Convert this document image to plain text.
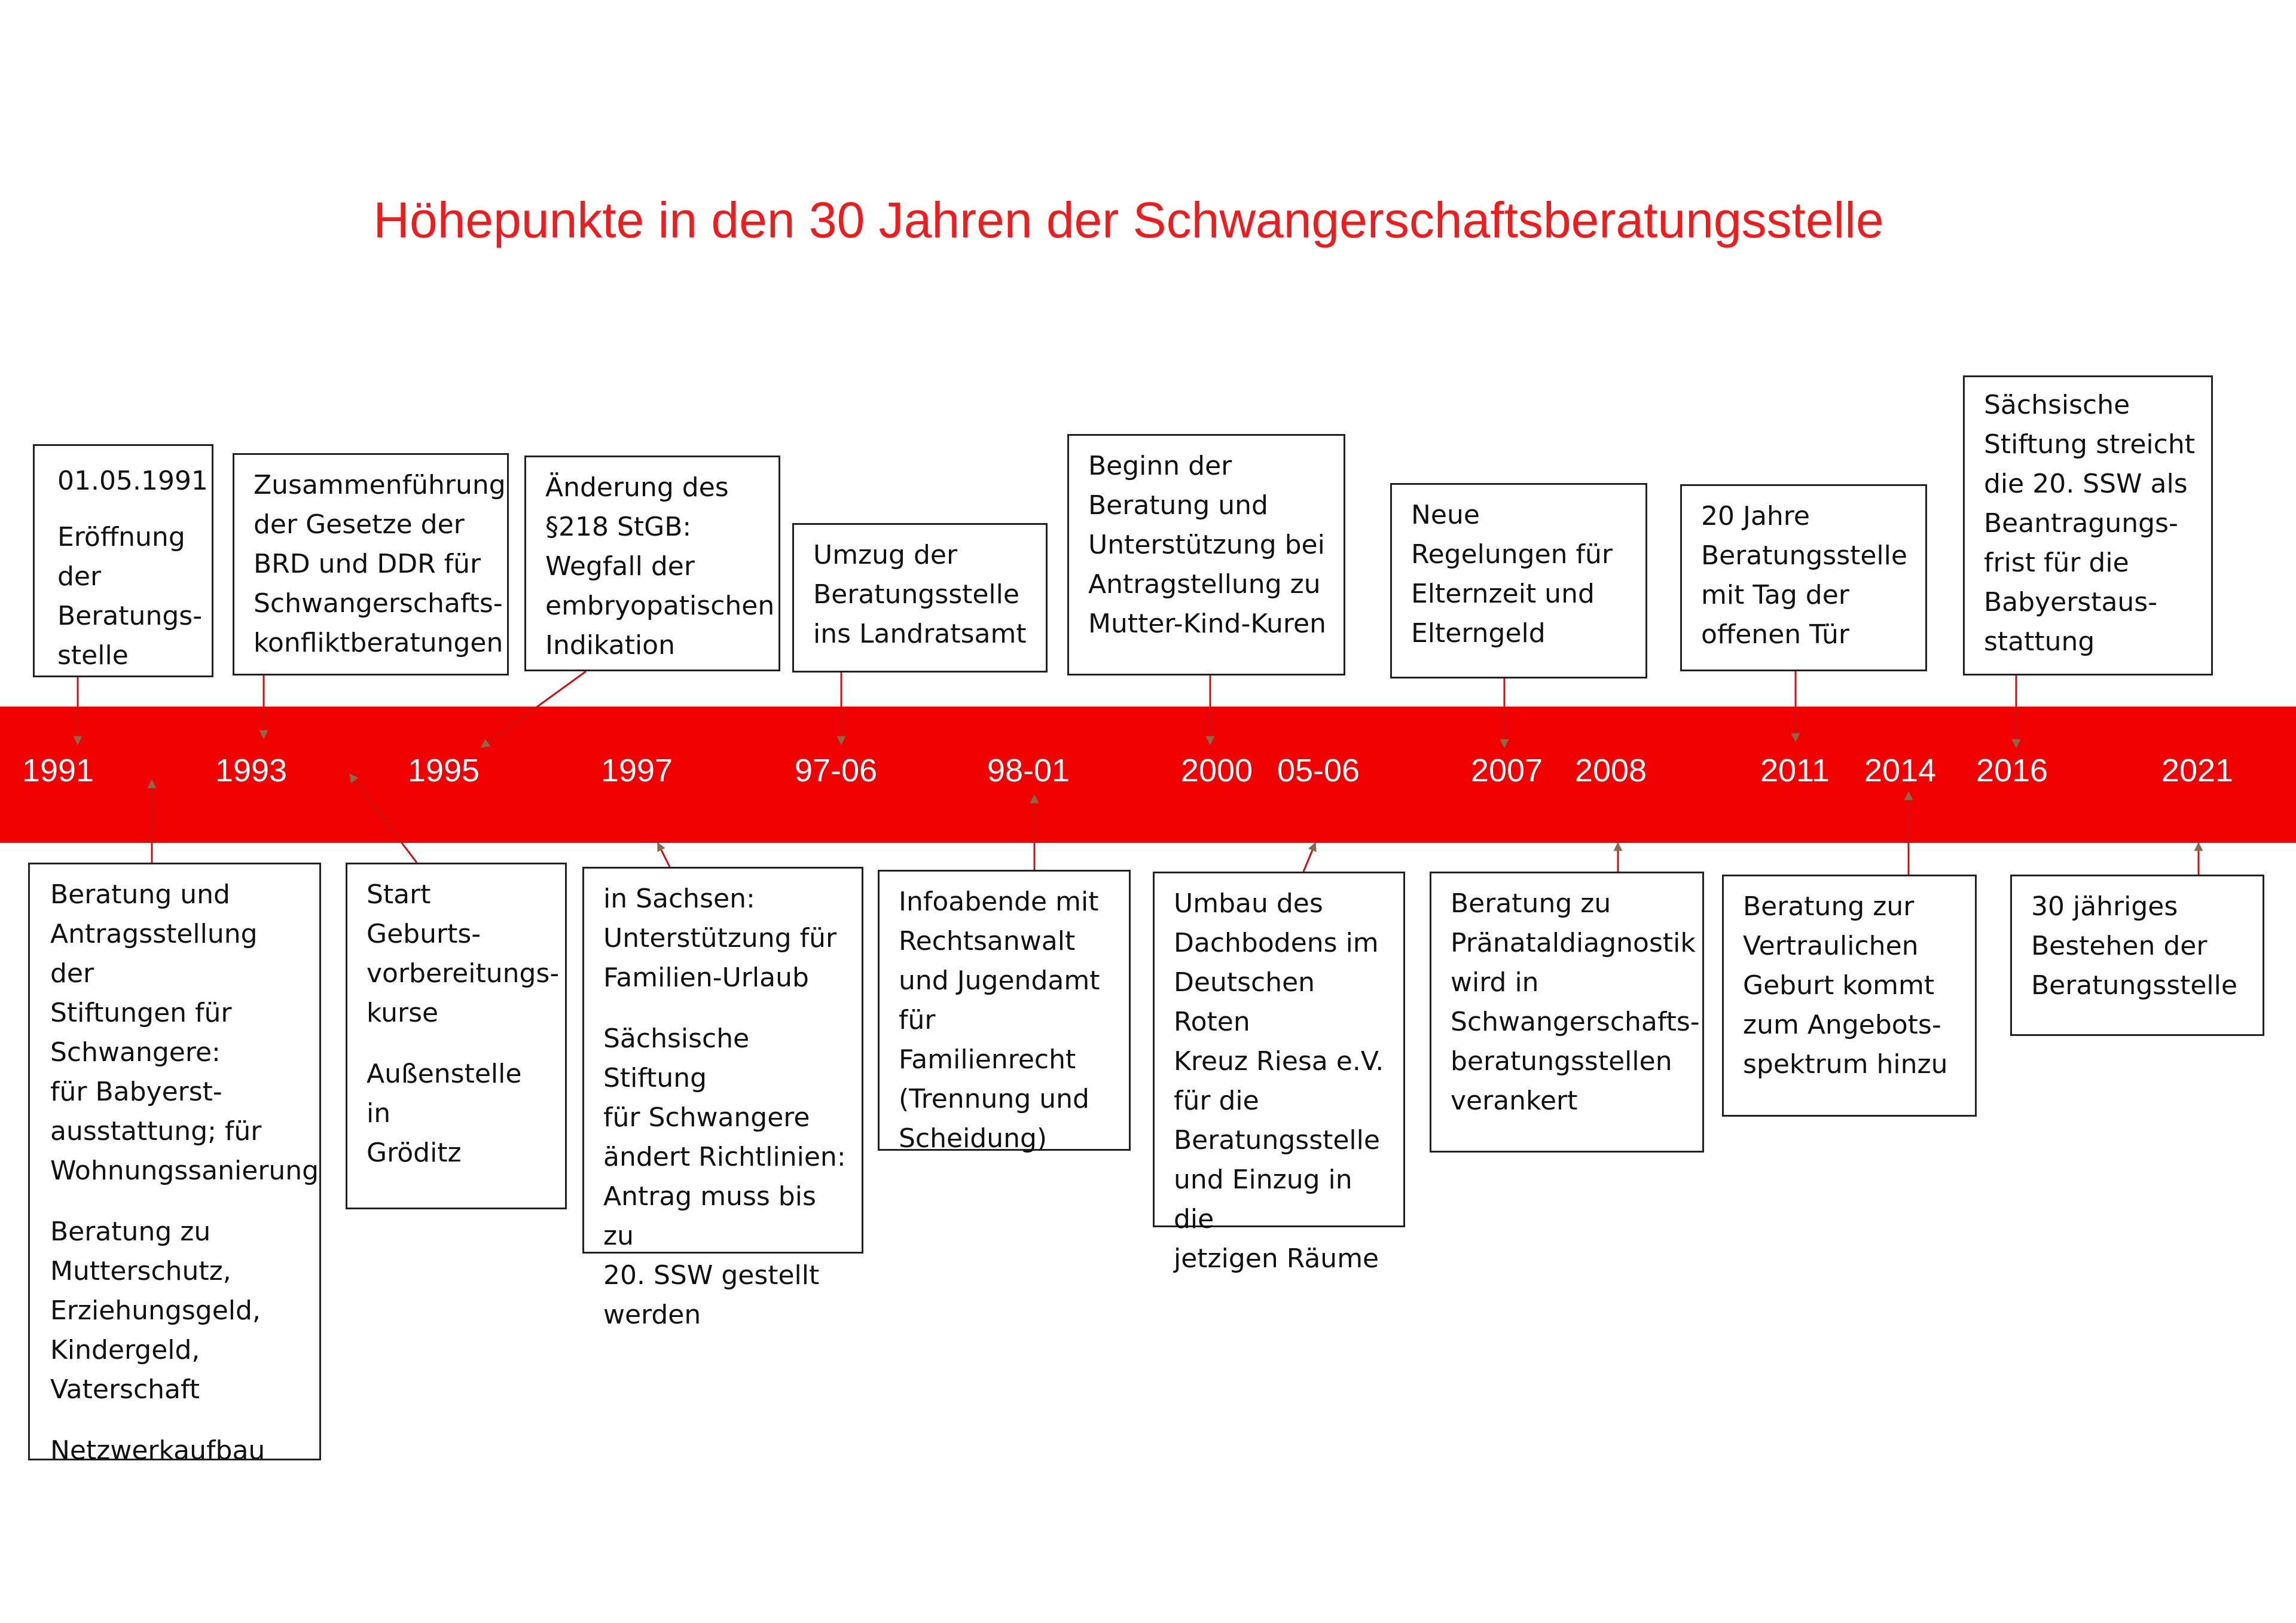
Höhepunkte in den 30 Jahren der Schwangerschaftsberatungsstelle
1991	1993	1995	1997	97-06	98-01	2000 05-06	2007 2008	2011 2014 2016	2021

01.05.1991

Eröffnung
der
Beratungs-
stelle

Zusammenführung
der Gesetze der
BRD und DDR für
Schwangerschafts-
konfliktberatungen

Änderung des
§218 StGB:
Wegfall der
embryopatischen
Indikation

Umzug der
Beratungsstelle
ins Landratsamt

Beginn der
Beratung und
Unterstützung bei
Antragstellung zu
Mutter-Kind-Kuren

Neue
Regelungen für
Elternzeit und
Elterngeld

20 Jahre
Beratungsstelle
mit Tag der
offenen Tür

Sächsische
Stiftung streicht
die 20. SSW als
Beantragungs-
frist für die
Babyerstaus-
stattung

Beratung und
Antragsstellung der
Stiftungen für
Schwangere:
für Babyerst-
ausstattung; für
Wohnungssanierung

Beratung zu
Mutterschutz,
Erziehungsgeld,
Kindergeld,
Vaterschaft

Netzwerkaufbau

Start Geburts-
vorbereitungs-
kurse

Außenstelle in
Gröditz

in Sachsen:
Unterstützung für
Familien-Urlaub

Sächsische Stiftung
für Schwangere
ändert Richtlinien:
Antrag muss bis zu
20. SSW gestellt
werden

Infoabende mit
Rechtsanwalt
und Jugendamt
für Familienrecht
(Trennung und
Scheidung)

Umbau des
Dachbodens im
Deutschen Roten
Kreuz Riesa e.V.
für die
Beratungsstelle
und Einzug in die
jetzigen Räume

Beratung zu
Pränataldiagnostik
wird in
Schwangerschafts-
beratungsstellen
verankert

Beratung zur
Vertraulichen
Geburt kommt
zum Angebots-
spektrum hinzu

30 jähriges
Bestehen der
Beratungsstelle
